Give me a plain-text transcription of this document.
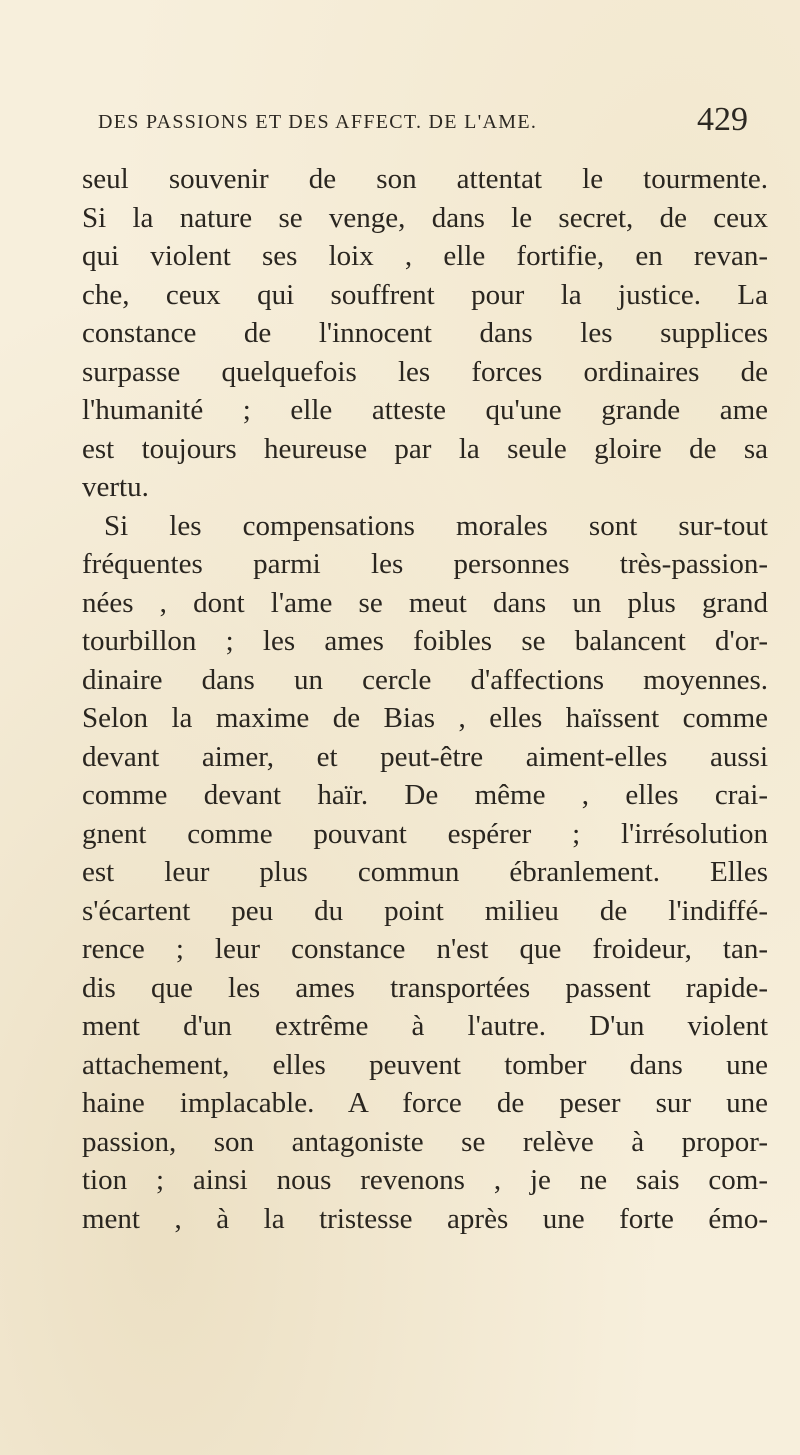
DES PASSIONS ET DES AFFECT. DE L'AME.	429
seul souvenir de son attentat le tourmente.
Si la nature se venge, dans le secret, de ceux
qui violent ses loix , elle fortifie, en revan-
che, ceux qui souffrent pour la justice. La
constance de l'innocent dans les supplices
surpasse quelquefois les forces ordinaires de
l'humanité ; elle atteste qu'une grande ame
est toujours heureuse par la seule gloire de sa
vertu.
Si les compensations morales sont sur-tout
fréquentes parmi les personnes très-passion-
nées , dont l'ame se meut dans un plus grand
tourbillon ; les ames foibles se balancent d'or-
dinaire dans un cercle d'affections moyennes.
Selon la maxime de Bias , elles haïssent comme
devant aimer, et peut-être aiment-elles aussi
comme devant haïr. De même , elles crai-
gnent comme pouvant espérer ; l'irrésolution
est leur plus commun ébranlement. Elles
s'écartent peu du point milieu de l'indiffé-
rence ; leur constance n'est que froideur, tan-
dis que les ames transportées passent rapide-
ment d'un extrême à l'autre. D'un violent
attachement, elles peuvent tomber dans une
haine implacable. A force de peser sur une
passion, son antagoniste se relève à propor-
tion ; ainsi nous revenons , je ne sais com-
ment , à la tristesse après une forte émo-
